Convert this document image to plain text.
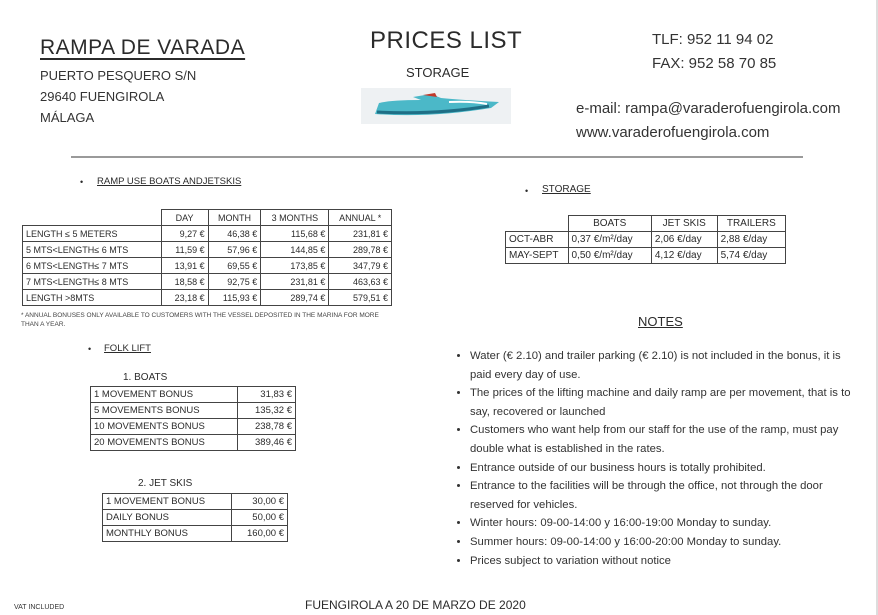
RAMPA DE VARADA
PUERTO PESQUERO S/N
29640 FUENGIROLA
MÁLAGA
PRICES LIST
STORAGE
TLF: 952 11 94 02
FAX: 952 58 70 85
e-mail: rampa@varaderofuengirola.com
www.varaderofuengirola.com
• RAMP USE BOATS ANDJETSKIS
	DAY	MONTH	3 MONTHS	ANNUAL *
LENGTH ≤ 5 METERS	9,27 €	46,38 €	115,68 €	231,81 €
5 MTS<LENGTH≤ 6 MTS	11,59 €	57,96 €	144,85 €	289,78 €
6 MTS<LENGTH≤ 7 MTS	13,91 €	69,55 €	173,85 €	347,79 €
7 MTS<LENGTH≤ 8 MTS	18,58 €	92,75 €	231,81 €	463,63 €
LENGTH >8MTS	23,18 €	115,93 €	289,74 €	579,51 €
* ANNUAL BONUSES ONLY AVAILABLE TO CUSTOMERS WITH THE VESSEL DEPOSITED IN THE MARINA FOR MORE THAN A YEAR.
• FOLK LIFT
1. BOATS
1 MOVEMENT BONUS	31,83 €
5 MOVEMENTS BONUS	135,32 €
10 MOVEMENTS BONUS	238,78 €
20 MOVEMENTS BONUS	389,46 €
2. JET SKIS
1 MOVEMENT BONUS	30,00 €
DAILY BONUS	50,00 €
MONTHLY BONUS	160,00 €
• STORAGE
	BOATS	JET SKIS	TRAILERS
OCT-ABR	0,37 €/m²/day	2,06 €/day	2,88 €/day
MAY-SEPT	0,50 €/m²/day	4,12 €/day	5,74 €/day
NOTES
• Water (€ 2.10) and trailer parking (€ 2.10) is not included in the bonus, it is paid every day of use.
• The prices of the lifting machine and daily ramp are per movement, that is to say, recovered or launched
• Customers who want help from our staff for the use of the ramp, must pay double what is established in the rates.
• Entrance outside of our business hours is totally prohibited.
• Entrance to the facilities will be through the office, not through the door reserved for vehicles.
• Winter hours: 09-00-14:00 y 16:00-19:00 Monday to sunday.
• Summer hours: 09-00-14:00 y 16:00-20:00 Monday to sunday.
• Prices subject to variation without notice
FUENGIROLA A 20 DE MARZO DE 2020
VAT INCLUDED
